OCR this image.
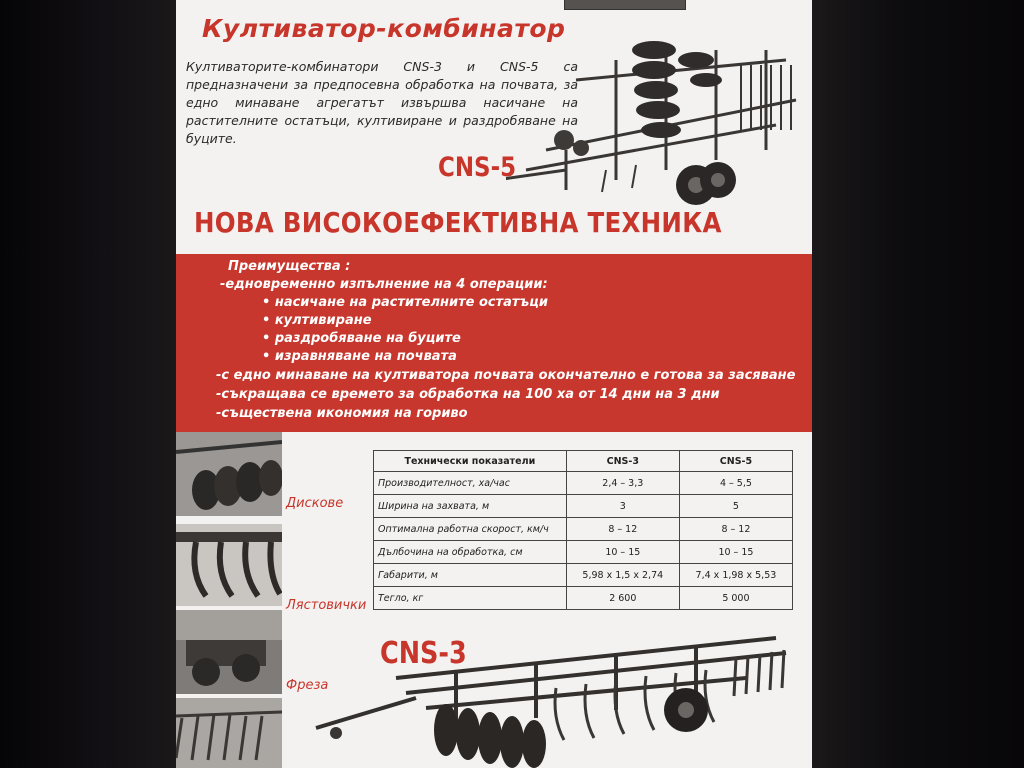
Култиватор-комбинатор
Култиваторите-комбинатори CNS-3 и CNS-5 са предназначени за предпосевна обработка на почвата, за едно минаване агрегатът извършва насичане на растителните остатъци, култивиране и раздробяване на буците.
CNS-5
НОВА ВИСОКОЕФЕКТИВНА ТЕХНИКА
Преимущества :
-едновременно изпълнение на 4 операции:
• насичане на растителните остатъци
• култивиране
• раздробяване на буците
• изравняване на почвата
-с едно минаване на култиватора почвата окончателно е готова за засяване
-съкращава се времето за обработка на 100 ха от 14 дни на 3 дни
-съществена икономия на гориво
Дискове
Лястовички
Фреза
Технически показатели	CNS-3	CNS-5
Производителност, ха/час	2,4 – 3,3	4 – 5,5
Ширина на захвата, м	3	5
Оптимална работна скорост, км/ч	8 – 12	8 – 12
Дълбочина на обработка, см	10 – 15	10 – 15
Габарити, м	5,98 х 1,5 х 2,74	7,4 х 1,98 х 5,53
Тегло, кг	2 600	5 000
CNS-3
